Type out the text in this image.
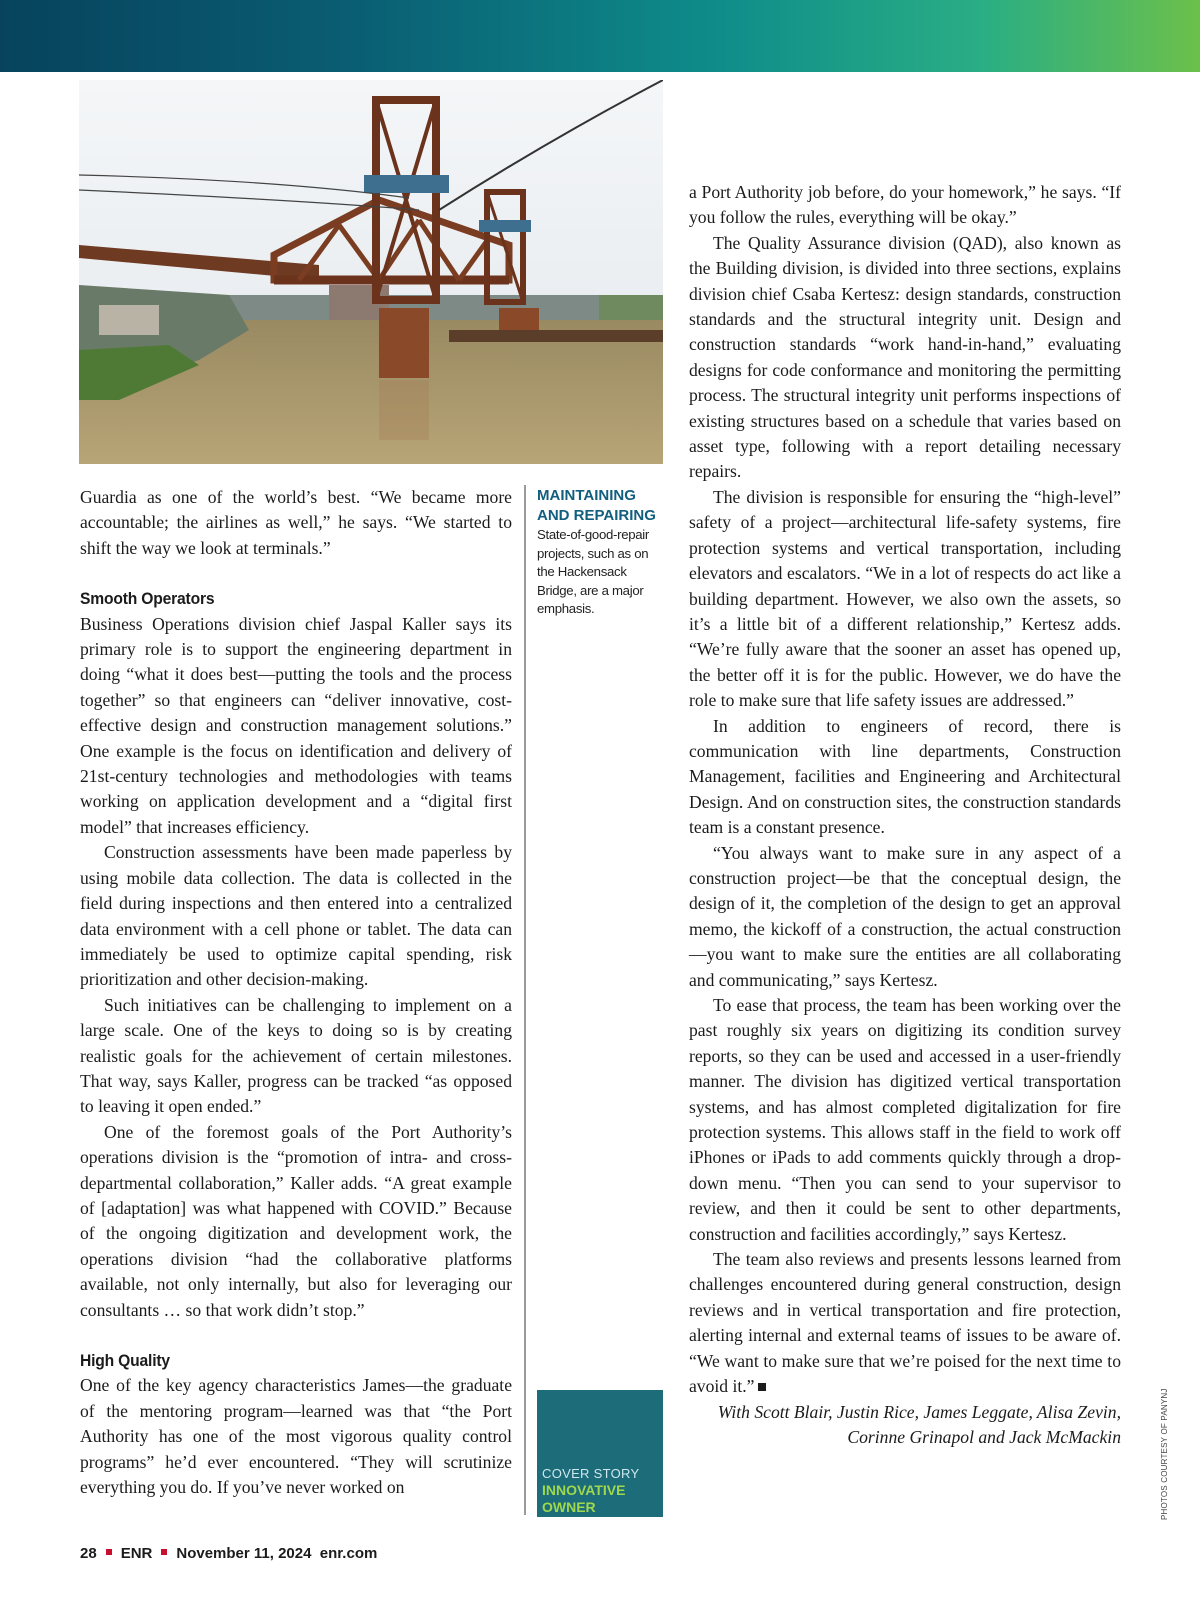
Guardia as one of the world’s best. “We became more accountable; the airlines as well,” he says. “We started to shift the way we look at terminals.”

Smooth Operators

Business Operations division chief Jaspal Kaller says its primary role is to support the engineering department in doing “what it does best—putting the tools and the process together” so that engineers can “deliver innovative, cost-effective design and construction management solutions.” One example is the focus on identification and delivery of 21st-century technologies and methodologies with teams working on application development and a “digital first model” that increases efficiency.

Construction assessments have been made paperless by using mobile data collection. The data is collected in the field during inspections and then entered into a centralized data environment with a cell phone or tablet. The data can immediately be used to optimize capital spending, risk prioritization and other decision-making.

Such initiatives can be challenging to implement on a large scale. One of the keys to doing so is by creating realistic goals for the achievement of certain milestones. That way, says Kaller, progress can be tracked “as opposed to leaving it open ended.”

One of the foremost goals of the Port Authority’s operations division is the “promotion of intra- and cross-departmental collaboration,” Kaller adds. “A great example of [adaptation] was what happened with COVID.” Because of the ongoing digitization and development work, the operations division “had the collaborative platforms available, not only internally, but also for leveraging our consultants … so that work didn’t stop.”

High Quality

One of the key agency characteristics James—the graduate of the mentoring program—learned was that “the Port Authority has one of the most vigorous quality control programs” he’d ever encountered. “They will scrutinize everything you do. If you’ve never worked on

MAINTAINING AND REPAIRING
State-of-good-repair projects, such as on the Hackensack Bridge, are a major emphasis.
COVER STORY
INNOVATIVE OWNER

a Port Authority job before, do your homework,” he says. “If you follow the rules, everything will be okay.”

The Quality Assurance division (QAD), also known as the Building division, is divided into three sections, explains division chief Csaba Kertesz: design standards, construction standards and the structural integrity unit. Design and construction standards “work hand-in-hand,” evaluating designs for code conformance and monitoring the permitting process. The structural integrity unit performs inspections of existing structures based on a schedule that varies based on asset type, following with a report detailing necessary repairs.

The division is responsible for ensuring the “high-level” safety of a project—architectural life-safety systems, fire protection systems and vertical transportation, including elevators and escalators. “We in a lot of respects do act like a building department. However, we also own the assets, so it’s a little bit of a different relationship,” Kertesz adds. “We’re fully aware that the sooner an asset has opened up, the better off it is for the public. However, we do have the role to make sure that life safety issues are addressed.”

In addition to engineers of record, there is communication with line departments, Construction Management, facilities and Engineering and Architectural Design. And on construction sites, the construction standards team is a constant presence.

“You always want to make sure in any aspect of a construction project—be that the conceptual design, the design of it, the completion of the design to get an approval memo, the kickoff of a construction, the actual construction—you want to make sure the entities are all collaborating and communicating,” says Kertesz.

To ease that process, the team has been working over the past roughly six years on digitizing its condition survey reports, so they can be used and accessed in a user-friendly manner. The division has digitized vertical transportation systems, and has almost completed digitalization for fire protection systems. This allows staff in the field to work off iPhones or iPads to add comments quickly through a drop-down menu. “Then you can send to your supervisor to review, and then it could be sent to other departments, construction and facilities accordingly,” says Kertesz.

The team also reviews and presents lessons learned from challenges encountered during general construction, design reviews and in vertical transportation and fire protection, alerting internal and external teams of issues to be aware of. “We want to make sure that we’re poised for the next time to avoid it.”

With Scott Blair, Justin Rice, James Leggate, Alisa Zevin, Corinne Grinapol and Jack McMackin	PHOTOS COURTESY OF PANYNJ
28 ENR November 11, 2024 enr.com
